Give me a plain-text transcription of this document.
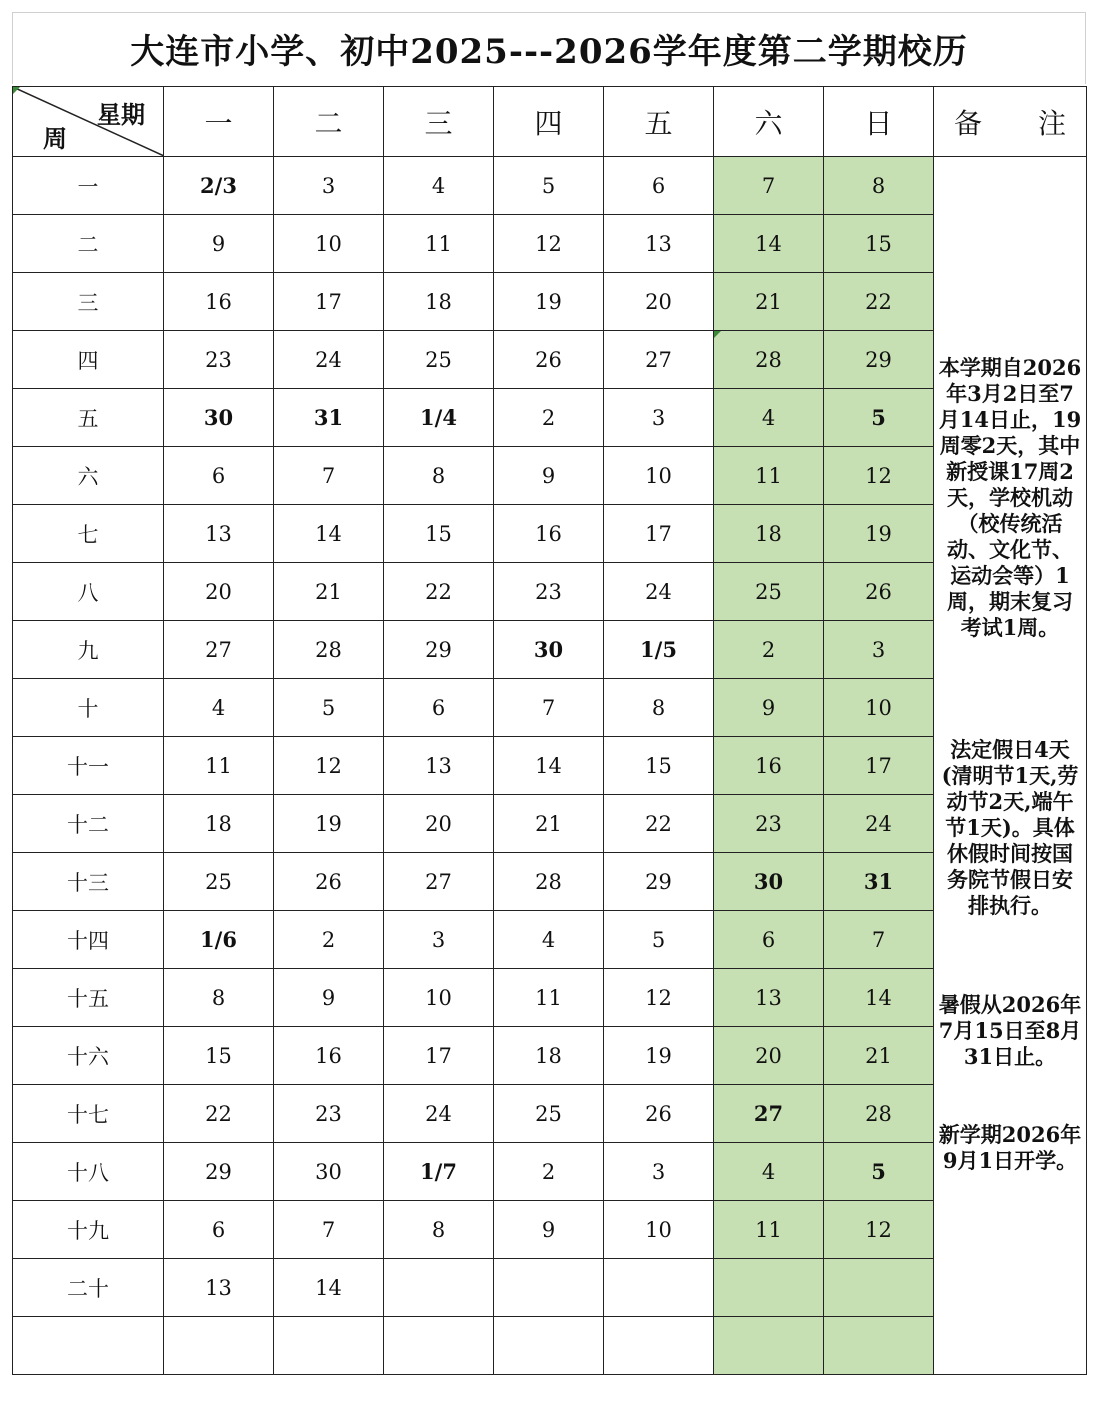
大连市小学、初中2025---2026学年度第二学期校历
星期
周	一	二	三	四	五	六	日	备　　注
一	2/3	3	4	5	6	7	8	本学期自2026年3月2日至7月14日止，19周零2天，其中新授课17周2天，学校机动（校传统活动、文化节、运动会等）1周，期末复习考试1周。
法定假日4天(清明节1天,劳动节2天,端午节1天)。具体休假时间按国务院节假日安排执行。
暑假从2026年7月15日至8月31日止。
新学期2026年9月1日开学。

二	9	10	11	12	13	14	15	
三	16	17	18	19	20	21	22	
四	23	24	25	26	27	28	29	
五	30	31	1/4	2	3	4	5	
六	6	7	8	9	10	11	12	
七	13	14	15	16	17	18	19	
八	20	21	22	23	24	25	26	
九	27	28	29	30	1/5	2	3	
十	4	5	6	7	8	9	10	
十一	11	12	13	14	15	16	17	
十二	18	19	20	21	22	23	24	
十三	25	26	27	28	29	30	31	
十四	1/6	2	3	4	5	6	7	
十五	8	9	10	11	12	13	14	
十六	15	16	17	18	19	20	21	
十七	22	23	24	25	26	27	28	
十八	29	30	1/7	2	3	4	5	
十九	6	7	8	9	10	11	12	
二十	13	14						
